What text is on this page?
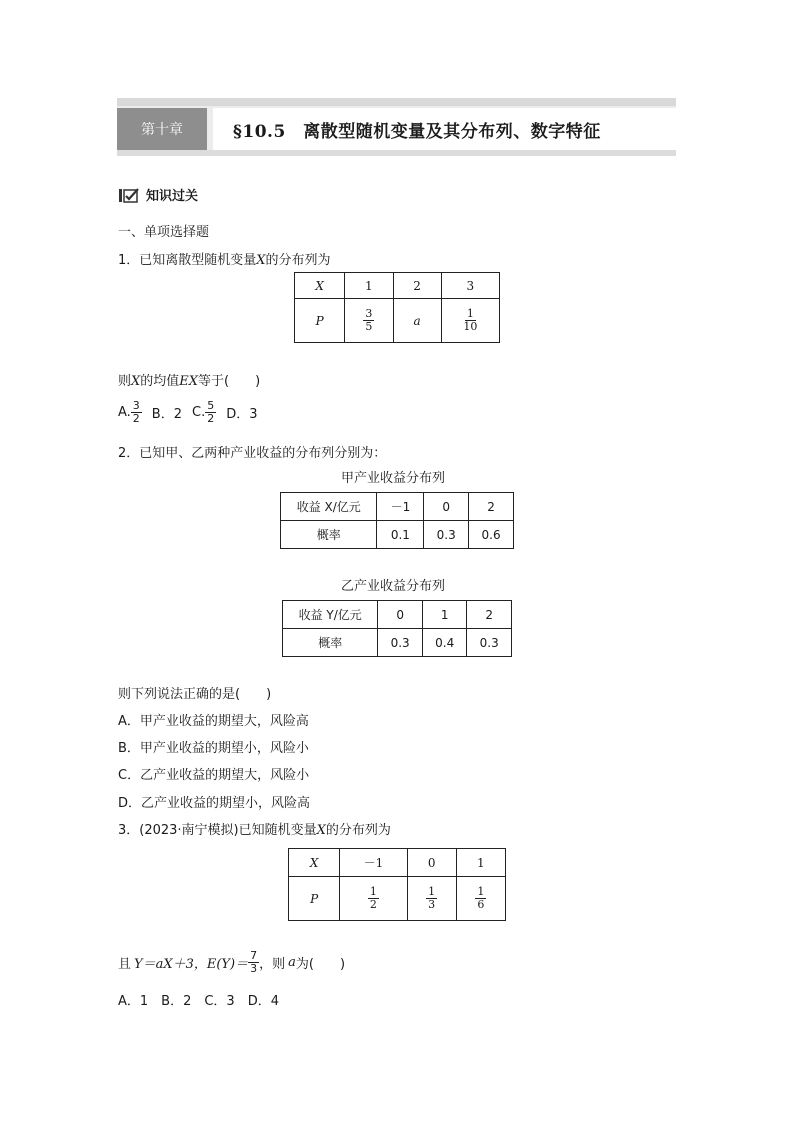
第十章	§10.5　离散型随机变量及其分布列、数字特征
知识过关
一、单项选择题
1．已知离散型随机变量X的分布列为
X	1	2	3
P	$\frac{3}{5}$	a	$\frac{1}{10}$
则X的均值EX等于(　　)
A. $\frac{3}{2}$ B．2 C. $\frac{5}{2}$ D．3
2．已知甲、乙两种产业收益的分布列分别为：
甲产业收益分布列
收益 X/亿元	－1	0	2
概率	0.1	0.3	0.6
乙产业收益分布列
收益 Y/亿元	0	1	2
概率	0.3	0.4	0.3
则下列说法正确的是(　　)
A．甲产业收益的期望大，风险高
B．甲产业收益的期望小，风险小
C．乙产业收益的期望大，风险小
D．乙产业收益的期望小，风险高
3．(2023·南宁模拟)已知随机变量X的分布列为
X	－1	0	1
P	$\frac{1}{2}$	$\frac{1}{3}$	$\frac{1}{6}$
且 Y＝aX＋3，$E(Y)= \frac{7}{3}$ ，则 a 为(　　)
A．1　B．2　C．3　D．4
